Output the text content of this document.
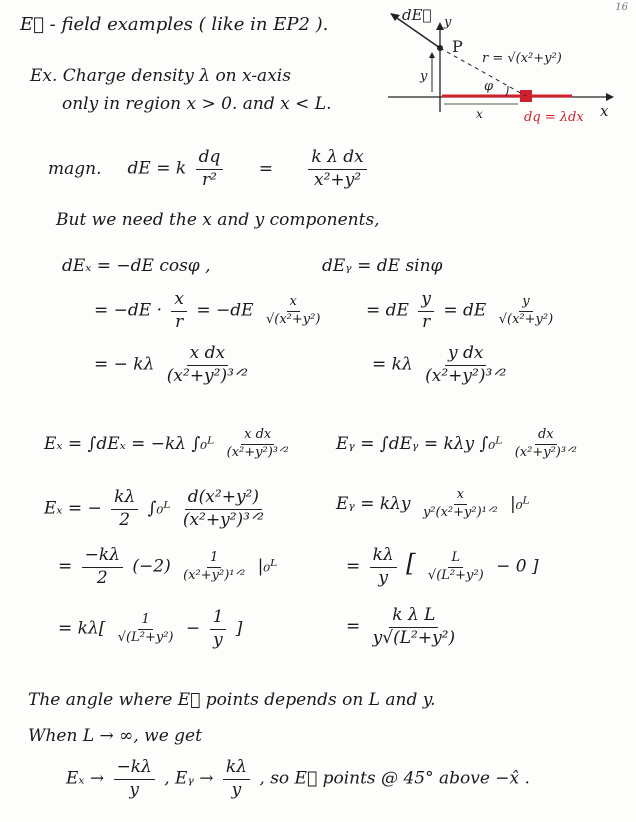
16
E⃗ - field examples ( like in EP2 ).
Ex. Charge density λ on x-axis
only in region x > 0. and x < L.
dE⃗ y
P
r = √(x²+y²)
φ
x
x
y
dq = λdx
magn. dE = k $\frac{dq}{\text{r²}} = \frac{\text{k λ dx}}{\text{x²+y²}}$
But we need the x and y components,
dEₓ = −dE cosφ ,
= $-dE \cdot \frac{x}{r} = -dE \frac{x}{\text{√(x²+y²)}}$
= − kλ $\frac{\text{x dx}}{\text{(x²+y²)³ᐟ²}}$
dEᵧ = dE sinφ
= dE $\frac{y}{r}$ = dE $\frac{y}{\text{√(x²+y²)}}$
= kλ $\frac{\text{y dx}}{\text{(x²+y²)³ᐟ²}}$
Eₓ = ∫dEₓ = −kλ ∫₀ᴸ $\frac{\text{x dx}}{\text{(x²+y²)³ᐟ²}}$
Eₓ = − $\frac{k\lambda}{2}$ ∫₀ᴸ $\frac{\text{d(x²+y²)}}{\text{(x²+y²)³ᐟ²}}$
= $\frac{-k\lambda}{2} (-2) \frac{1}{\text{(x²+y²)¹ᐟ²}}$ |₀ᴸ
= $k\lambda[ \frac{1}{\text{√(L²+y²)}} - \frac{1}{y}$ ]
Eᵧ = ∫dEᵧ = kλy ∫₀ᴸ $\frac{dx}{\text{(x²+y²)³ᐟ²}}$
Eᵧ = kλy $\frac{x}{\text{y²(x²+y²)¹ᐟ²}}$ |₀ᴸ
= $\frac{k\lambda}{y}$ [ $\frac{L}{\text{√(L²+y²)}} - 0$ ]
= $\frac{\text{k λ L}}{\text{y√(L²+y²)}}$
The angle where E⃗ points depends on L and y.
When L → ∞, we get
$E_x \to \frac{-k\lambda}{y}$ , Eᵧ → $\frac{k\lambda}{y}$ , so E⃗ points @ 45° above −x̂ .
